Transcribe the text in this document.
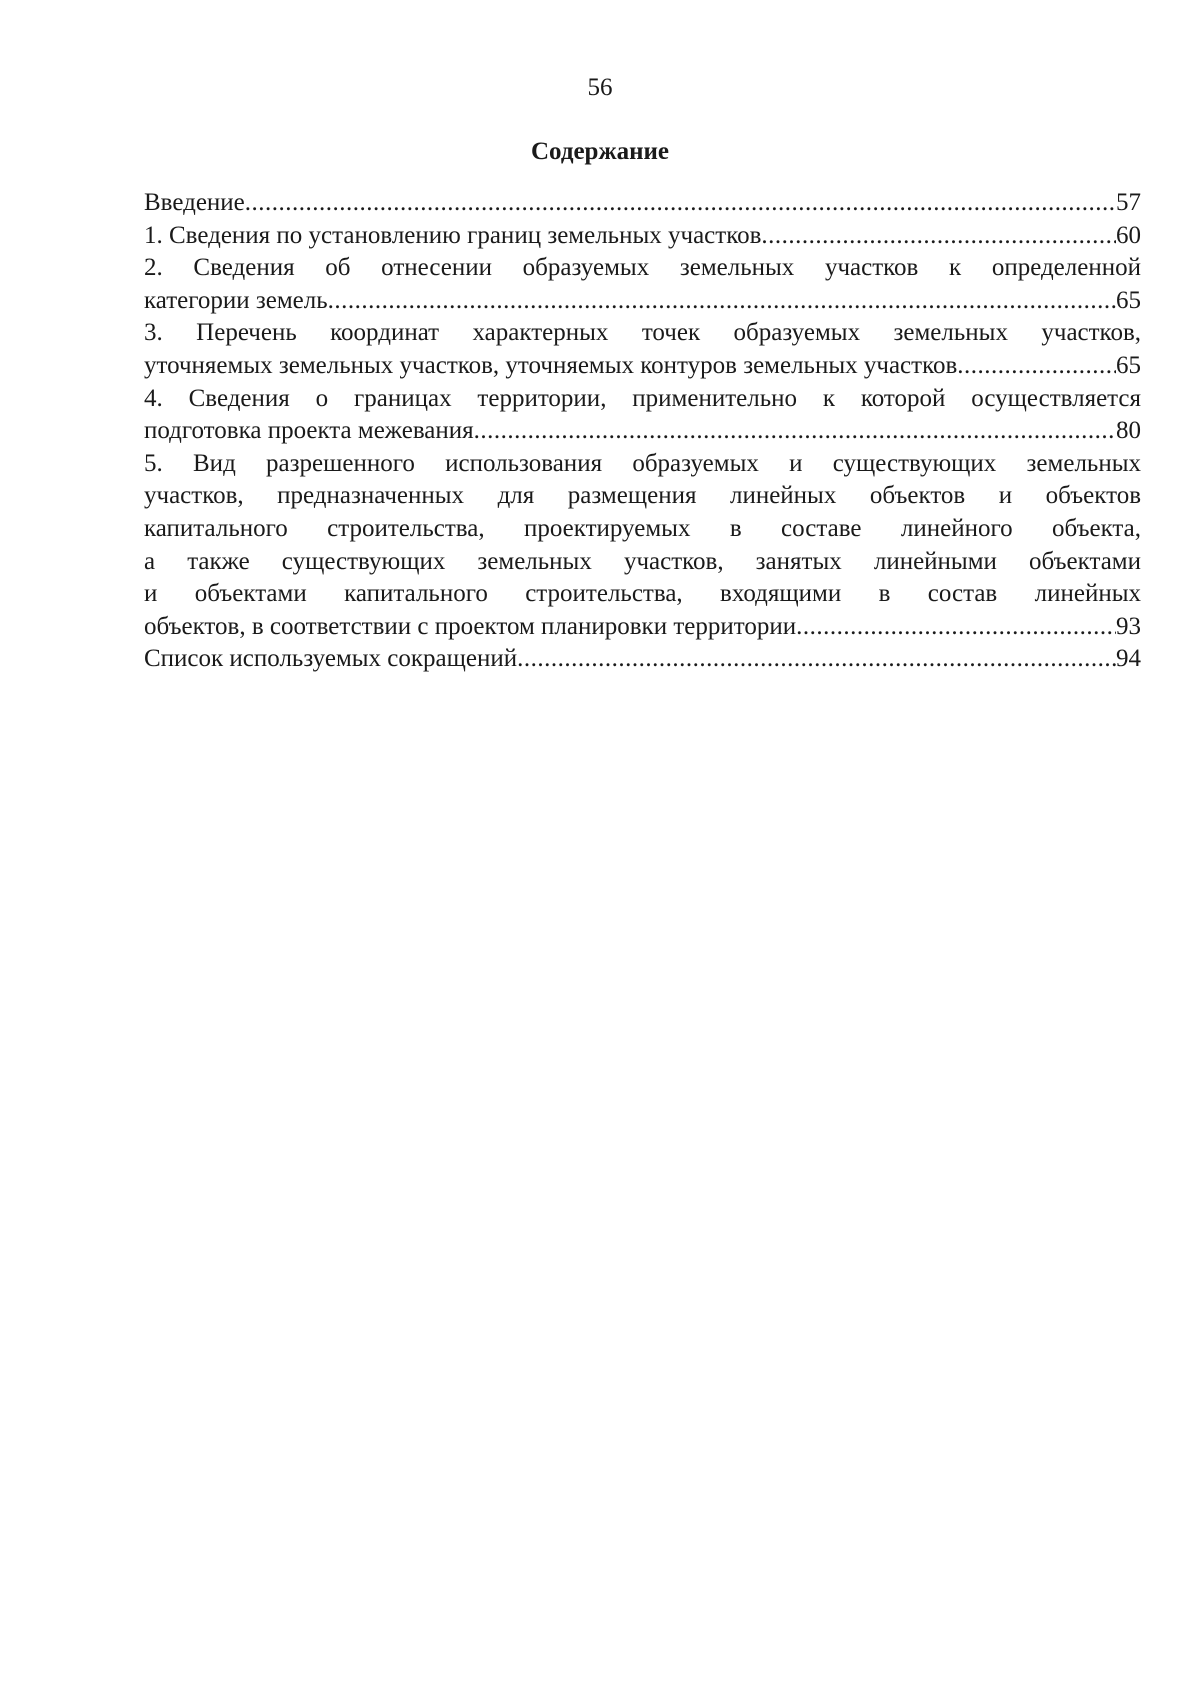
56
Содержание
Введение .....	57
1. Сведения по установлению границ земельных участков .....	60
2. Сведения об отнесении образуемых земельных участков к определенной
категории земель .....	65
3. Перечень координат характерных точек образуемых земельных участков,
уточняемых земельных участков, уточняемых контуров земельных участков .....	65
4. Сведения о границах территории, применительно к которой осуществляется
подготовка проекта межевания .....	80
5. Вид разрешенного использования образуемых и существующих земельных
участков, предназначенных для размещения линейных объектов и объектов
капитального строительства, проектируемых в составе линейного объекта,
а также существующих земельных участков, занятых линейными объектами
и объектами капитального строительства, входящими в состав линейных
объектов, в соответствии с проектом планировки территории .....	93
Список используемых сокращений .....	94
